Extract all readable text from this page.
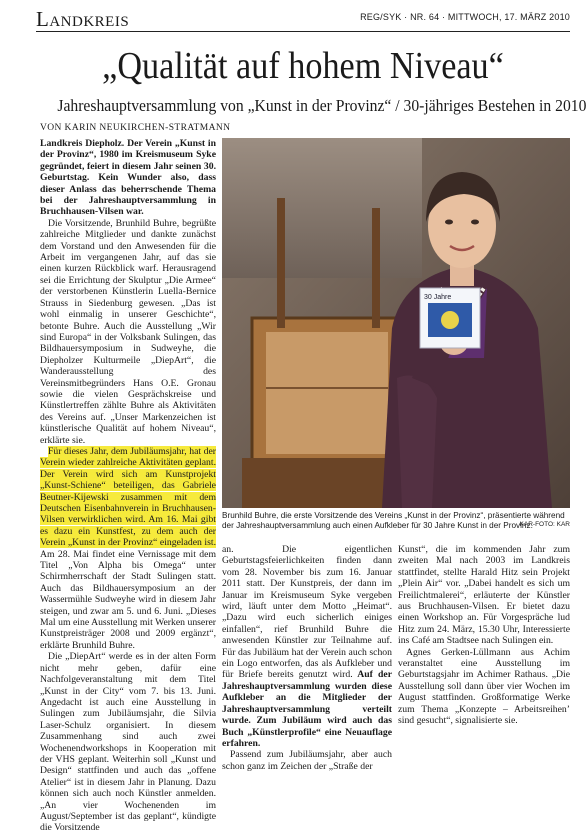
Landkreis	REG/SYK · NR. 64 · MITTWOCH, 17. MÄRZ 2010
„Qualität auf hohem Niveau“
Jahreshauptversammlung von „Kunst in der Provinz“ / 30-jähriges Bestehen in 2010
VON KARIN NEUKIRCHEN-STRATMANN

Landkreis Diepholz. Der Verein „Kunst in der Provinz“, 1980 im Kreismuseum Syke gegründet, feiert in diesem Jahr seinen 30. Geburtstag. Kein Wunder also, dass dieser Anlass das beherrschende Thema bei der Jahreshauptversammlung in Bruchhausen-Vilsen war.

Die Vorsitzende, Brunhild Buhre, begrüßte zahlreiche Mitglieder und dankte zunächst dem Vorstand und den Anwesenden für die Arbeit im vergangenen Jahr, auf das sie einen kurzen Rückblick warf. Herausragend sei die Errichtung der Skulptur „Die Armee“ der verstorbenen Künstlerin Luella-Bernice Strauss in Siedenburg gewesen. „Das ist wohl einmalig in unserer Geschichte“, betonte Buhre. Auch die Ausstellung „Wir sind Europa“ in der Volksbank Sulingen, das Bildhauersymposium in Sudweyhe, die Diepholzer Kulturmeile „DiepArt“, die Wanderausstellung des Vereinsmitbegründers Hans O.E. Gronau sowie die vielen Gesprächskreise und Künstlertreffen zählte Buhre als Aktivitäten des Vereins auf. „Unser Markenzeichen ist künstlerische Qualität auf hohem Niveau“, erklärte sie.

Für dieses Jahr, dem Jubiläumsjahr, hat der Verein wieder zahlreiche Aktivitäten geplant. Der Verein wird sich am Kunstprojekt „Kunst-Schiene“ beteiligen, das Gabriele Beutner-Kijewski zusammen mit dem Deutschen Eisenbahnverein in Bruchhausen-Vilsen verwirklichen wird. Am 16. Mai gibt es dazu ein Kunstfest, zu dem auch der Verein „Kunst in der Provinz“ eingeladen ist. Am 28. Mai findet eine Vernissage mit dem Titel „Von Alpha bis Omega“ unter Schirmherrschaft der Stadt Sulingen statt. Auch das Bildhauersymposium an der Wassermühle Sudweyhe wird in diesem Jahr steigen, und zwar am 5. und 6. Juni. „Dieses Mal um eine Ausstellung mit Werken unserer Kunstpreisträger 2008 und 2009 ergänzt“, erklärte Brunhild Buhre.

Die „DiepArt“ werde es in der alten Form nicht mehr geben, dafür eine Nachfolgeveranstaltung mit dem Titel „Kunst in der City“ vom 7. bis 13. Juni. Angedacht ist auch eine Ausstellung in Sulingen zum Jubiläumsjahr, die Silvia Laser-Schulz organisiert. In diesem Zusammenhang sind auch zwei Wochenendworkshops in Kooperation mit der VHS geplant. Weiterhin soll „Kunst und Design“ stattfinden und auch das „offene Atelier“ ist in diesem Jahr in Planung. Dazu können sich auch noch Künstler anmelden. „An vier Wochenenden im August/September ist das geplant“, kündigte die Vorsitzende

30 Jahre
Brunhild Buhre, die erste Vorsitzende des Vereins „Kunst in der Provinz“, präsentierte während der Jahreshauptversammlung auch einen Aufkleber für 30 Jahre Kunst in der Provinz.
KAR-FOTO: KAR

an. Die eigentlichen Geburtstagsfeierlichkeiten finden dann vom 28. November bis zum 16. Januar 2011 statt. Der Kunstpreis, der dann im Januar im Kreismuseum Syke vergeben wird, läuft unter dem Motto „Heimat“. „Dazu wird euch sicherlich einiges einfallen“, rief Brunhild Buhre die anwesenden Künstler zur Teilnahme auf. Für das Jubiläum hat der Verein auch schon ein Logo entworfen, das als Aufkleber und für Briefe bereits genutzt wird. Auf der Jahreshauptversammlung wurden diese Aufkleber an die Mitglieder der Jahreshauptversammlung verteilt wurde. Zum Jubiläum wird auch das Buch „Künstlerprofile“ eine Neuauflage erfahren.

Passend zum Jubiläumsjahr, aber auch schon ganz im Zeichen der „Straße der

Kunst“, die im kommenden Jahr zum zweiten Mal nach 2003 im Landkreis stattfindet, stellte Harald Hitz sein Projekt „Plein Air“ vor. „Dabei handelt es sich um Freilichtmalerei“, erläuterte der Künstler aus Bruchhausen-Vilsen. Er bietet dazu einen Workshop an. Für Vorgespräche lud Hitz zum 24. März, 15.30 Uhr, Interessierte ins Café am Stadtsee nach Sulingen ein.

Agnes Gerken-Lüllmann aus Achim veranstaltet eine Ausstellung im Geburtstagsjahr im Achimer Rathaus. „Die Ausstellung soll dann über vier Wochen im August stattfinden. Großformatige Werke zum Thema „Konzepte – Arbeitsreihen’ sind gesucht“, signalisierte sie.
